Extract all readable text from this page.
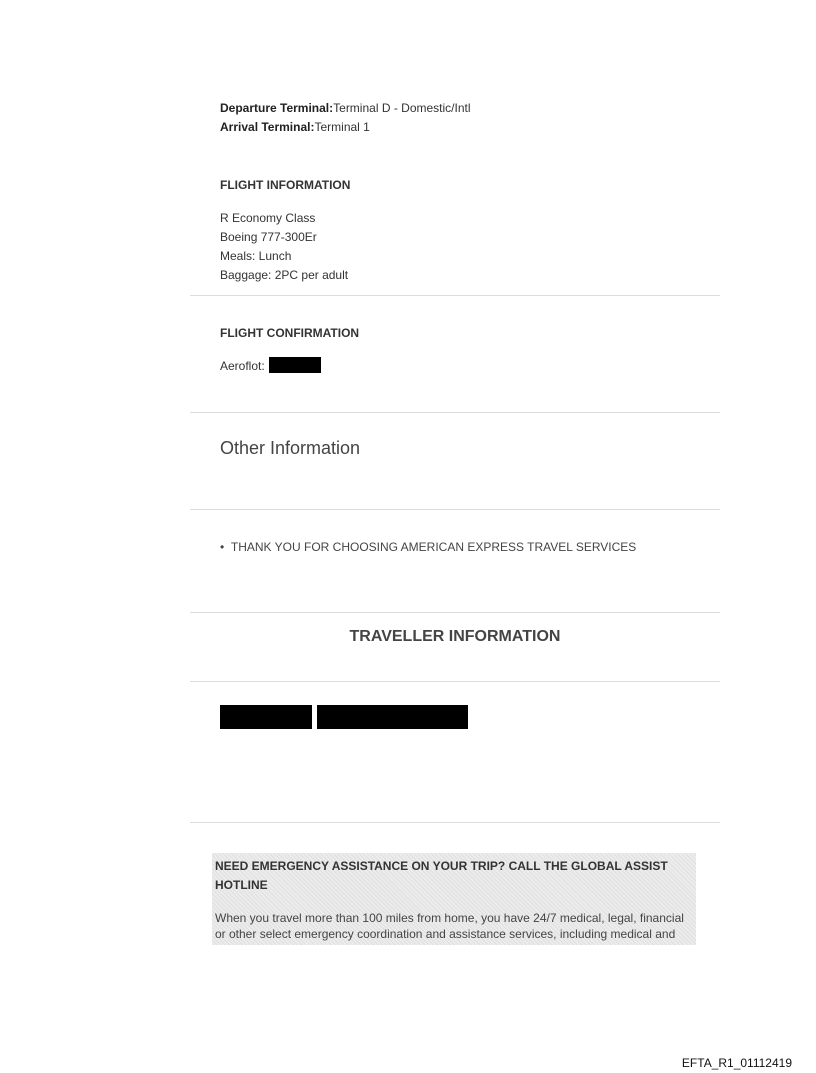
Departure Terminal:Terminal D - Domestic/Intl
Arrival Terminal:Terminal 1
FLIGHT INFORMATION
R Economy Class
Boeing 777-300Er
Meals: Lunch
Baggage: 2PC per adult
FLIGHT CONFIRMATION
Aeroflot:
Other Information
• THANK YOU FOR CHOOSING AMERICAN EXPRESS TRAVEL SERVICES
TRAVELLER INFORMATION
NEED EMERGENCY ASSISTANCE ON YOUR TRIP? CALL THE GLOBAL ASSIST HOTLINE
When you travel more than 100 miles from home, you have 24/7 medical, legal, financial or other select emergency coordination and assistance services, including medical and
EFTA_R1_01112419
